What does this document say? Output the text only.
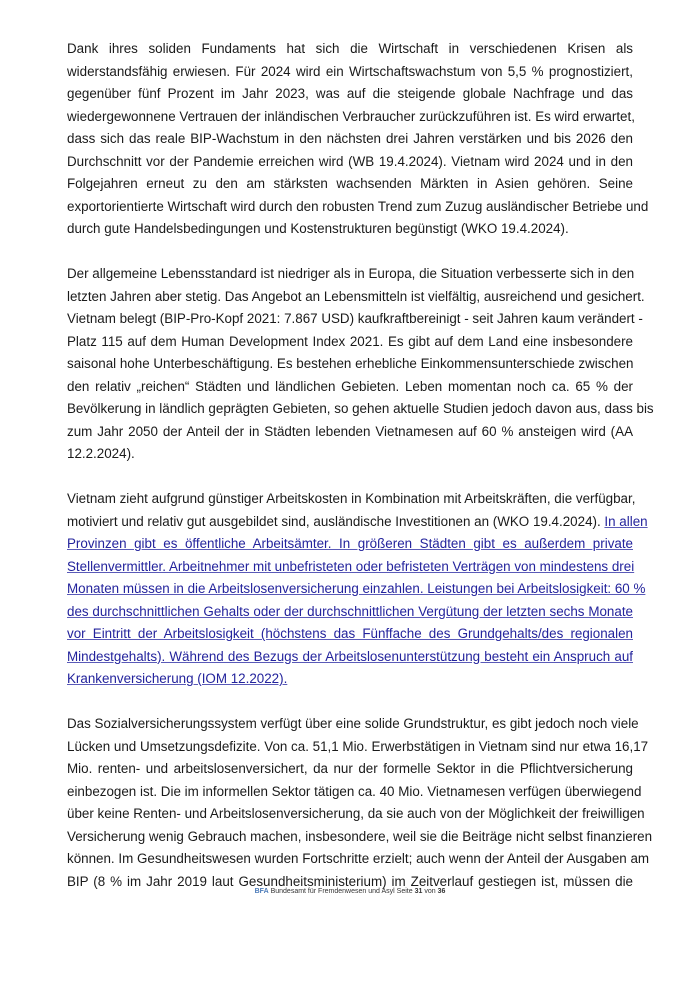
Dank ihres soliden Fundaments hat sich die Wirtschaft in verschiedenen Krisen als
widerstandsfähig erwiesen. Für 2024 wird ein Wirtschaftswachstum von 5,5 % prognostiziert,
gegenüber fünf Prozent im Jahr 2023, was auf die steigende globale Nachfrage und das
wiedergewonnene Vertrauen der inländischen Verbraucher zurückzuführen ist. Es wird erwartet,
dass sich das reale BIP-Wachstum in den nächsten drei Jahren verstärken und bis 2026 den
Durchschnitt vor der Pandemie erreichen wird (WB 19.4.2024). Vietnam wird 2024 und in den
Folgejahren erneut zu den am stärksten wachsenden Märkten in Asien gehören. Seine
exportorientierte Wirtschaft wird durch den robusten Trend zum Zuzug ausländischer Betriebe und
durch gute Handelsbedingungen und Kostenstrukturen begünstigt (WKO 19.4.2024).
Der allgemeine Lebensstandard ist niedriger als in Europa, die Situation verbesserte sich in den
letzten Jahren aber stetig. Das Angebot an Lebensmitteln ist vielfältig, ausreichend und gesichert.
Vietnam belegt (BIP-Pro-Kopf 2021: 7.867 USD) kaufkraftbereinigt - seit Jahren kaum verändert -
Platz 115 auf dem Human Development Index 2021. Es gibt auf dem Land eine insbesondere
saisonal hohe Unterbeschäftigung. Es bestehen erhebliche Einkommensunterschiede zwischen
den relativ „reichen“ Städten und ländlichen Gebieten. Leben momentan noch ca. 65 % der
Bevölkerung in ländlich geprägten Gebieten, so gehen aktuelle Studien jedoch davon aus, dass bis
zum Jahr 2050 der Anteil der in Städten lebenden Vietnamesen auf 60 % ansteigen wird (AA
12.2.2024).
Vietnam zieht aufgrund günstiger Arbeitskosten in Kombination mit Arbeitskräften, die verfügbar,
motiviert und relativ gut ausgebildet sind, ausländische Investitionen an (WKO 19.4.2024). In allen
Provinzen gibt es öffentliche Arbeitsämter. In größeren Städten gibt es außerdem private
Stellenvermittler. Arbeitnehmer mit unbefristeten oder befristeten Verträgen von mindestens drei
Monaten müssen in die Arbeitslosenversicherung einzahlen. Leistungen bei Arbeitslosigkeit: 60 %
des durchschnittlichen Gehalts oder der durchschnittlichen Vergütung der letzten sechs Monate
vor Eintritt der Arbeitslosigkeit (höchstens das Fünffache des Grundgehalts/des regionalen
Mindestgehalts). Während des Bezugs der Arbeitslosenunterstützung besteht ein Anspruch auf
Krankenversicherung (IOM 12.2022).
Das Sozialversicherungssystem verfügt über eine solide Grundstruktur, es gibt jedoch noch viele
Lücken und Umsetzungsdefizite. Von ca. 51,1 Mio. Erwerbstätigen in Vietnam sind nur etwa 16,17
Mio. renten- und arbeitslosenversichert, da nur der formelle Sektor in die Pflichtversicherung
einbezogen ist. Die im informellen Sektor tätigen ca. 40 Mio. Vietnamesen verfügen überwiegend
über keine Renten- und Arbeitslosenversicherung, da sie auch von der Möglichkeit der freiwilligen
Versicherung wenig Gebrauch machen, insbesondere, weil sie die Beiträge nicht selbst finanzieren
können. Im Gesundheitswesen wurden Fortschritte erzielt; auch wenn der Anteil der Ausgaben am
BIP (8 % im Jahr 2019 laut Gesundheitsministerium) im Zeitverlauf gestiegen ist, müssen die
BFA Bundesamt für Fremdenwesen und Asyl Seite 31 von 36
